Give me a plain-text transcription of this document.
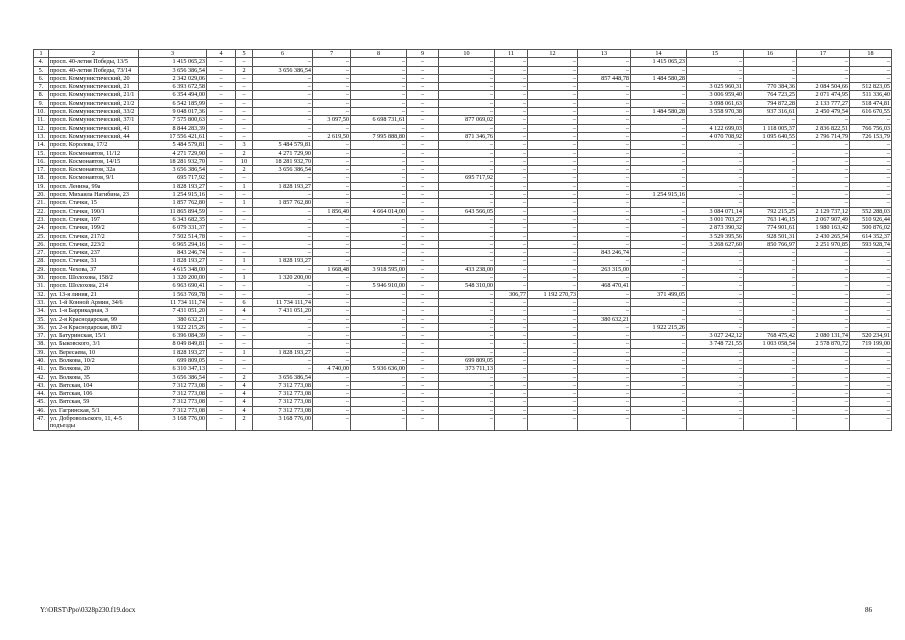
1	2	3	4	5	6	7	8	9	10	11	12	13	14	15	16	17	18
4.	просп. 40-летия Победы, 13/5	1 415 065,23	–	–	–	–	–	–	–	–	–	–	1 415 065,23	–	–	–	–
5.	просп. 40-летия Победы, 73/14	3 656 386,54	–	2	3 656 386,54	–	–	–	–	–	–	–	–	–	–	–	–
6.	просп. Коммунистический, 20	2 342 029,06	–	–	–	–	–	–	–	–	–	857 448,78	1 484 580,28	–	–	–	–
7.	просп. Коммунистический, 21	6 393 672,58	–	–	–	–	–	–	–	–	–	–	–	3 025 960,31	770 384,36	2 084 504,66	512 823,05
8.	просп. Коммунистический, 21/1	6 354 494,00	–	–	–	–	–	–	–	–	–	–	–	3 006 959,40	764 723,25	2 071 474,95	511 336,40
9.	просп. Коммунистический, 21/2	6 542 185,99	–	–	–	–	–	–	–	–	–	–	–	3 098 061,63	794 872,28	2 133 777,27	518 474,81
10.	просп. Коммунистический, 33/2	9 048 017,36	–	–	–	–	–	–	–	–	–	–	1 484 580,28	3 558 970,38	937 316,61	2 450 479,54	616 670,55
11.	просп. Коммунистический, 37/1	7 575 800,63	–	–	–	3 097,50	6 698 731,61	–	877 069,02	–	–	–	–	–	–	–	–
12.	просп. Коммунистический, 41	8 844 283,39	–	–	–	–	–	–	–	–	–	–	–	4 122 699,03	1 118 005,37	2 836 822,51	766 756,03
13.	просп. Коммунистический, 44	17 556 421,61	–	–	–	2 619,50	7 995 888,80	–	871 346,76	–	–	–	–	4 070 708,92	1 095 640,55	2 796 714,79	726 153,79
14.	просп. Королева, 17/2	5 484 579,81	–	3	5 484 579,81	–	–	–	–	–	–	–	–	–	–	–	–
15.	просп. Космонавтов, 11/12	4 271 729,90	–	2	4 271 729,90	–	–	–	–	–	–	–	–	–	–	–	–
16.	просп. Космонавтов, 14/15	18 281 932,70	–	10	18 281 932,70	–	–	–	–	–	–	–	–	–	–	–	–
17.	просп. Космонавтов, 32а	3 656 386,54	–	2	3 656 386,54	–	–	–	–	–	–	–	–	–	–	–	–
18.	просп. Космонавтов, 9/1	695 717,92	–	–	–	–	–	–	695 717,92	–	–	–	–	–	–	–	–
19.	просп. Ленина, 99а	1 828 193,27	–	1	1 828 193,27	–	–	–	–	–	–	–	–	–	–	–	–
20.	просп. Михаила Нагибина, 23	1 254 915,16	–	–	–	–	–	–	–	–	–	–	1 254 915,16	–	–	–	–
21.	просп. Стачки, 15	1 857 762,80	–	1	1 857 762,80	–	–	–	–	–	–	–	–	–	–	–	–
22.	просп. Стачки, 190/1	11 865 894,59	–	–	–	1 856,40	4 664 014,00	–	643 566,05	–	–	–	–	3 084 071,14	792 215,25	2 129 737,12	552 288,03
23.	просп. Стачки, 197	6 343 682,35	–	–	–	–	–	–	–	–	–	–	–	3 001 703,27	763 146,15	2 067 907,49	510 926,44
24.	просп. Стачки, 199/2	6 079 331,37	–	–	–	–	–	–	–	–	–	–	–	2 873 390,32	774 901,61	1 980 163,42	500 876,02
25.	просп. Стачки, 217/2	7 502 514,78	–	–	–	–	–	–	–	–	–	–	–	3 529 395,56	928 501,31	2 430 265,54	614 352,37
26.	просп. Стачки, 223/2	6 965 294,16	–	–	–	–	–	–	–	–	–	–	–	3 268 627,60	850 766,97	2 251 970,85	593 928,74
27.	просп. Стачки, 237	843 246,74	–	–	–	–	–	–	–	–	–	843 246,74	–	–	–	–	–
28.	просп. Стачки, 31	1 828 193,27	–	1	1 828 193,27	–	–	–	–	–	–	–	–	–	–	–	–
29.	просп. Чехова, 37	4 615 348,00	–	–	–	1 668,48	3 918 595,00	–	433 238,00	–	–	263 315,00	–	–	–	–	–
30.	просп. Шолохова, 158/2	1 320 200,00	–	1	1 320 200,00	–	–	–	–	–	–	–	–	–	–	–	–
31.	просп. Шолохова, 214	6 963 690,41	–	–	–	–	5 946 910,00	–	548 310,00	–	–	468 470,41	–	–	–	–	–
32.	ул. 13-я линия, 21	1 563 769,78	–	–	–	–	–	–	–	306,77	1 192 270,73	–	371 499,05	–	–	–	–
33.	ул. 1-й Конной Армии, 34/6	11 734 111,74	–	6	11 734 111,74	–	–	–	–	–	–	–	–	–	–	–	–
34.	ул. 1-я Баррикадная, 3	7 431 051,20	–	4	7 431 051,20	–	–	–	–	–	–	–	–	–	–	–	–
35.	ул. 2-я Краснодарская, 99	380 632,21	–	–	–	–	–	–	–	–	–	380 632,21	–	–	–	–	–
36.	ул. 2-я Краснодарская, 80/2	1 922 215,26	–	–	–	–	–	–	–	–	–	–	1 922 215,26	–	–	–	–
37.	ул. Батуринская, 15/1	6 396 084,39	–	–	–	–	–	–	–	–	–	–	–	3 027 242,12	768 475,42	2 080 131,74	520 234,91
38.	ул. Быковского, 3/1	8 049 849,81	–	–	–	–	–	–	–	–	–	–	–	3 748 721,55	1 003 058,54	2 578 870,72	719 199,00
39.	ул. Вересаева, 10	1 828 193,27	–	1	1 828 193,27	–	–	–	–	–	–	–	–	–	–	–	–
40.	ул. Волкова, 10/2	699 809,05	–	–	–	–	–	–	699 809,05	–	–	–	–	–	–	–	–
41.	ул. Волкова, 20	6 310 347,13	–	–	–	4 740,00	5 936 636,00	–	373 711,13	–	–	–	–	–	–	–	–
42.	ул. Волкова, 35	3 656 386,54	–	2	3 656 386,54	–	–	–	–	–	–	–	–	–	–	–	–
43.	ул. Вятская, 104	7 312 773,08	–	4	7 312 773,08	–	–	–	–	–	–	–	–	–	–	–	–
44.	ул. Вятская, 106	7 312 773,08	–	4	7 312 773,08	–	–	–	–	–	–	–	–	–	–	–	–
45.	ул. Вятская, 59	7 312 773,08	–	4	7 312 773,08	–	–	–	–	–	–	–	–	–	–	–	–
46.	ул. Гагринская, 5/1	7 312 773,08	–	4	7 312 773,08	–	–	–	–	–	–	–	–	–	–	–	–
47.	ул. Добровольского, 11, 4-5 подъезды	3 168 776,00	–	2	3 168 776,00	–	–	–	–	–	–	–	–	–	–	–	–
Y:\ORST\Ppo\0328p230.f19.docx	86
